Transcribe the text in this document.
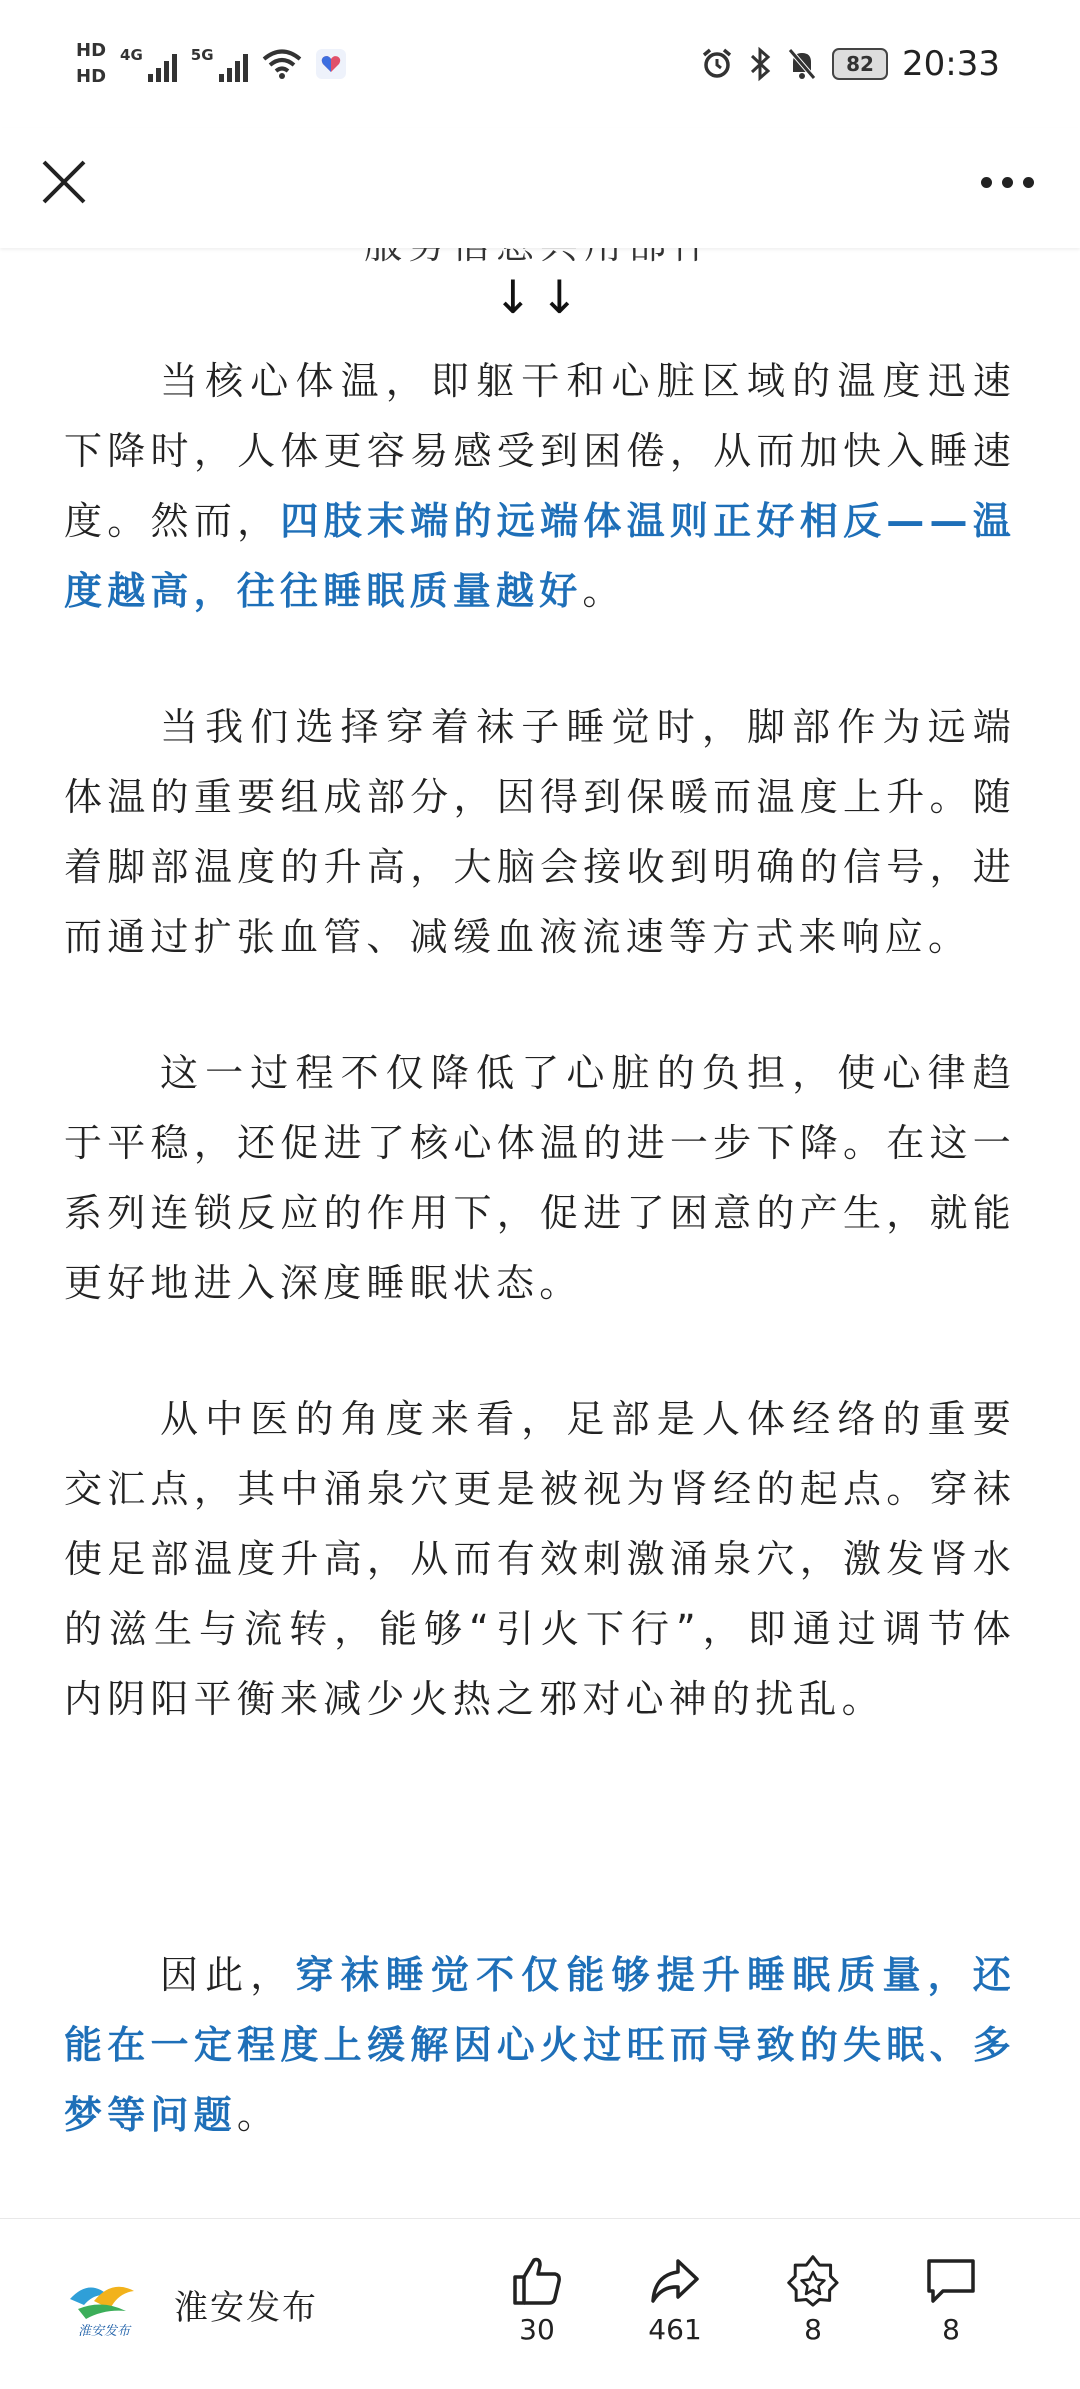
HD
HD
4G	5G	82 20:33
↓↓

当核心体温，即躯干和心脏区域的温度迅速下降时，人体更容易感受到困倦，从而加快入睡速度。然而，四肢末端的远端体温则正好相反——温度越高，往往睡眠质量越好。

当我们选择穿着袜子睡觉时，脚部作为远端体温的重要组成部分，因得到保暖而温度上升。随着脚部温度的升高，大脑会接收到明确的信号，进而通过扩张血管、减缓血液流速等方式来响应。

这一过程不仅降低了心脏的负担，使心律趋于平稳，还促进了核心体温的进一步下降。在这一系列连锁反应的作用下，促进了困意的产生，就能更好地进入深度睡眠状态。

从中医的角度来看，足部是人体经络的重要交汇点，其中涌泉穴更是被视为肾经的起点。穿袜使足部温度升高，从而有效刺激涌泉穴，激发肾水的滋生与流转，能够“引火下行”，即通过调节体内阴阳平衡来减少火热之邪对心神的扰乱。

因此，穿袜睡觉不仅能够提升睡眠质量，还能在一定程度上缓解因心火过旺而导致的失眠、多梦等问题。

淮安发布
淮安发布
30	461	8	8
